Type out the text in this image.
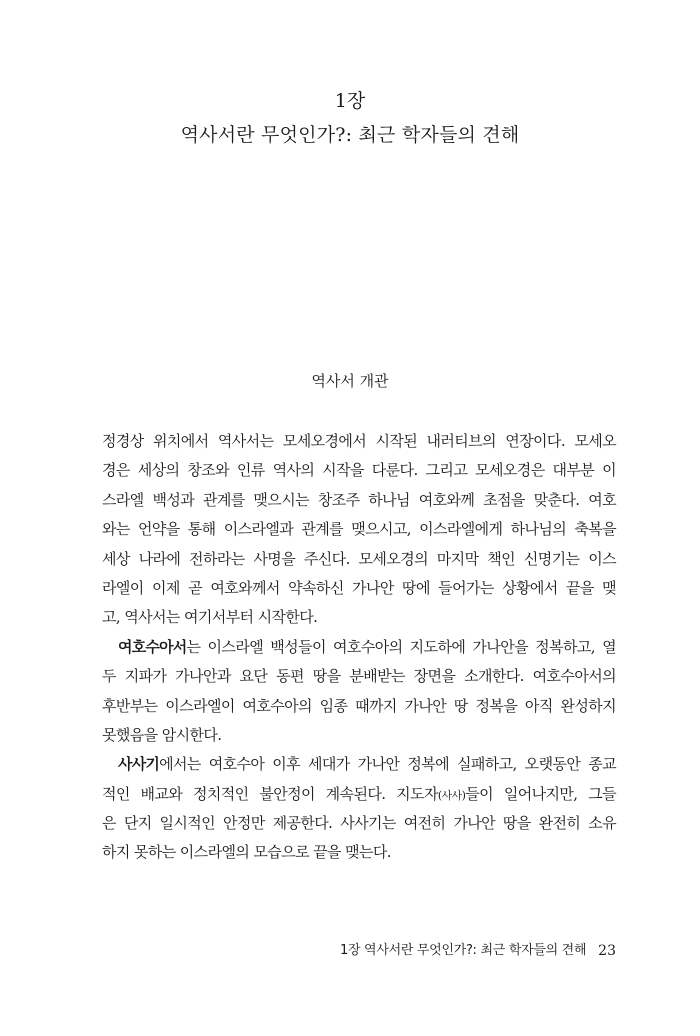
1장
역사서란 무엇인가?: 최근 학자들의 견해
역사서 개관
정경상 위치에서 역사서는 모세오경에서 시작된 내러티브의 연장이다. 모세오
경은 세상의 창조와 인류 역사의 시작을 다룬다. 그리고 모세오경은 대부분 이
스라엘 백성과 관계를 맺으시는 창조주 하나님 여호와께 초점을 맞춘다. 여호
와는 언약을 통해 이스라엘과 관계를 맺으시고, 이스라엘에게 하나님의 축복을
세상 나라에 전하라는 사명을 주신다. 모세오경의 마지막 책인 신명기는 이스
라엘이 이제 곧 여호와께서 약속하신 가나안 땅에 들어가는 상황에서 끝을 맺
고, 역사서는 여기서부터 시작한다.
여호수아서는 이스라엘 백성들이 여호수아의 지도하에 가나안을 정복하고, 열
두 지파가 가나안과 요단 동편 땅을 분배받는 장면을 소개한다. 여호수아서의
후반부는 이스라엘이 여호수아의 임종 때까지 가나안 땅 정복을 아직 완성하지
못했음을 암시한다.
사사기에서는 여호수아 이후 세대가 가나안 정복에 실패하고, 오랫동안 종교
적인 배교와 정치적인 불안정이 계속된다. 지도자(사사)들이 일어나지만, 그들
은 단지 일시적인 안정만 제공한다. 사사기는 여전히 가나안 땅을 완전히 소유
하지 못하는 이스라엘의 모습으로 끝을 맺는다.
1장 역사서란 무엇인가?: 최근 학자들의 견해 23
